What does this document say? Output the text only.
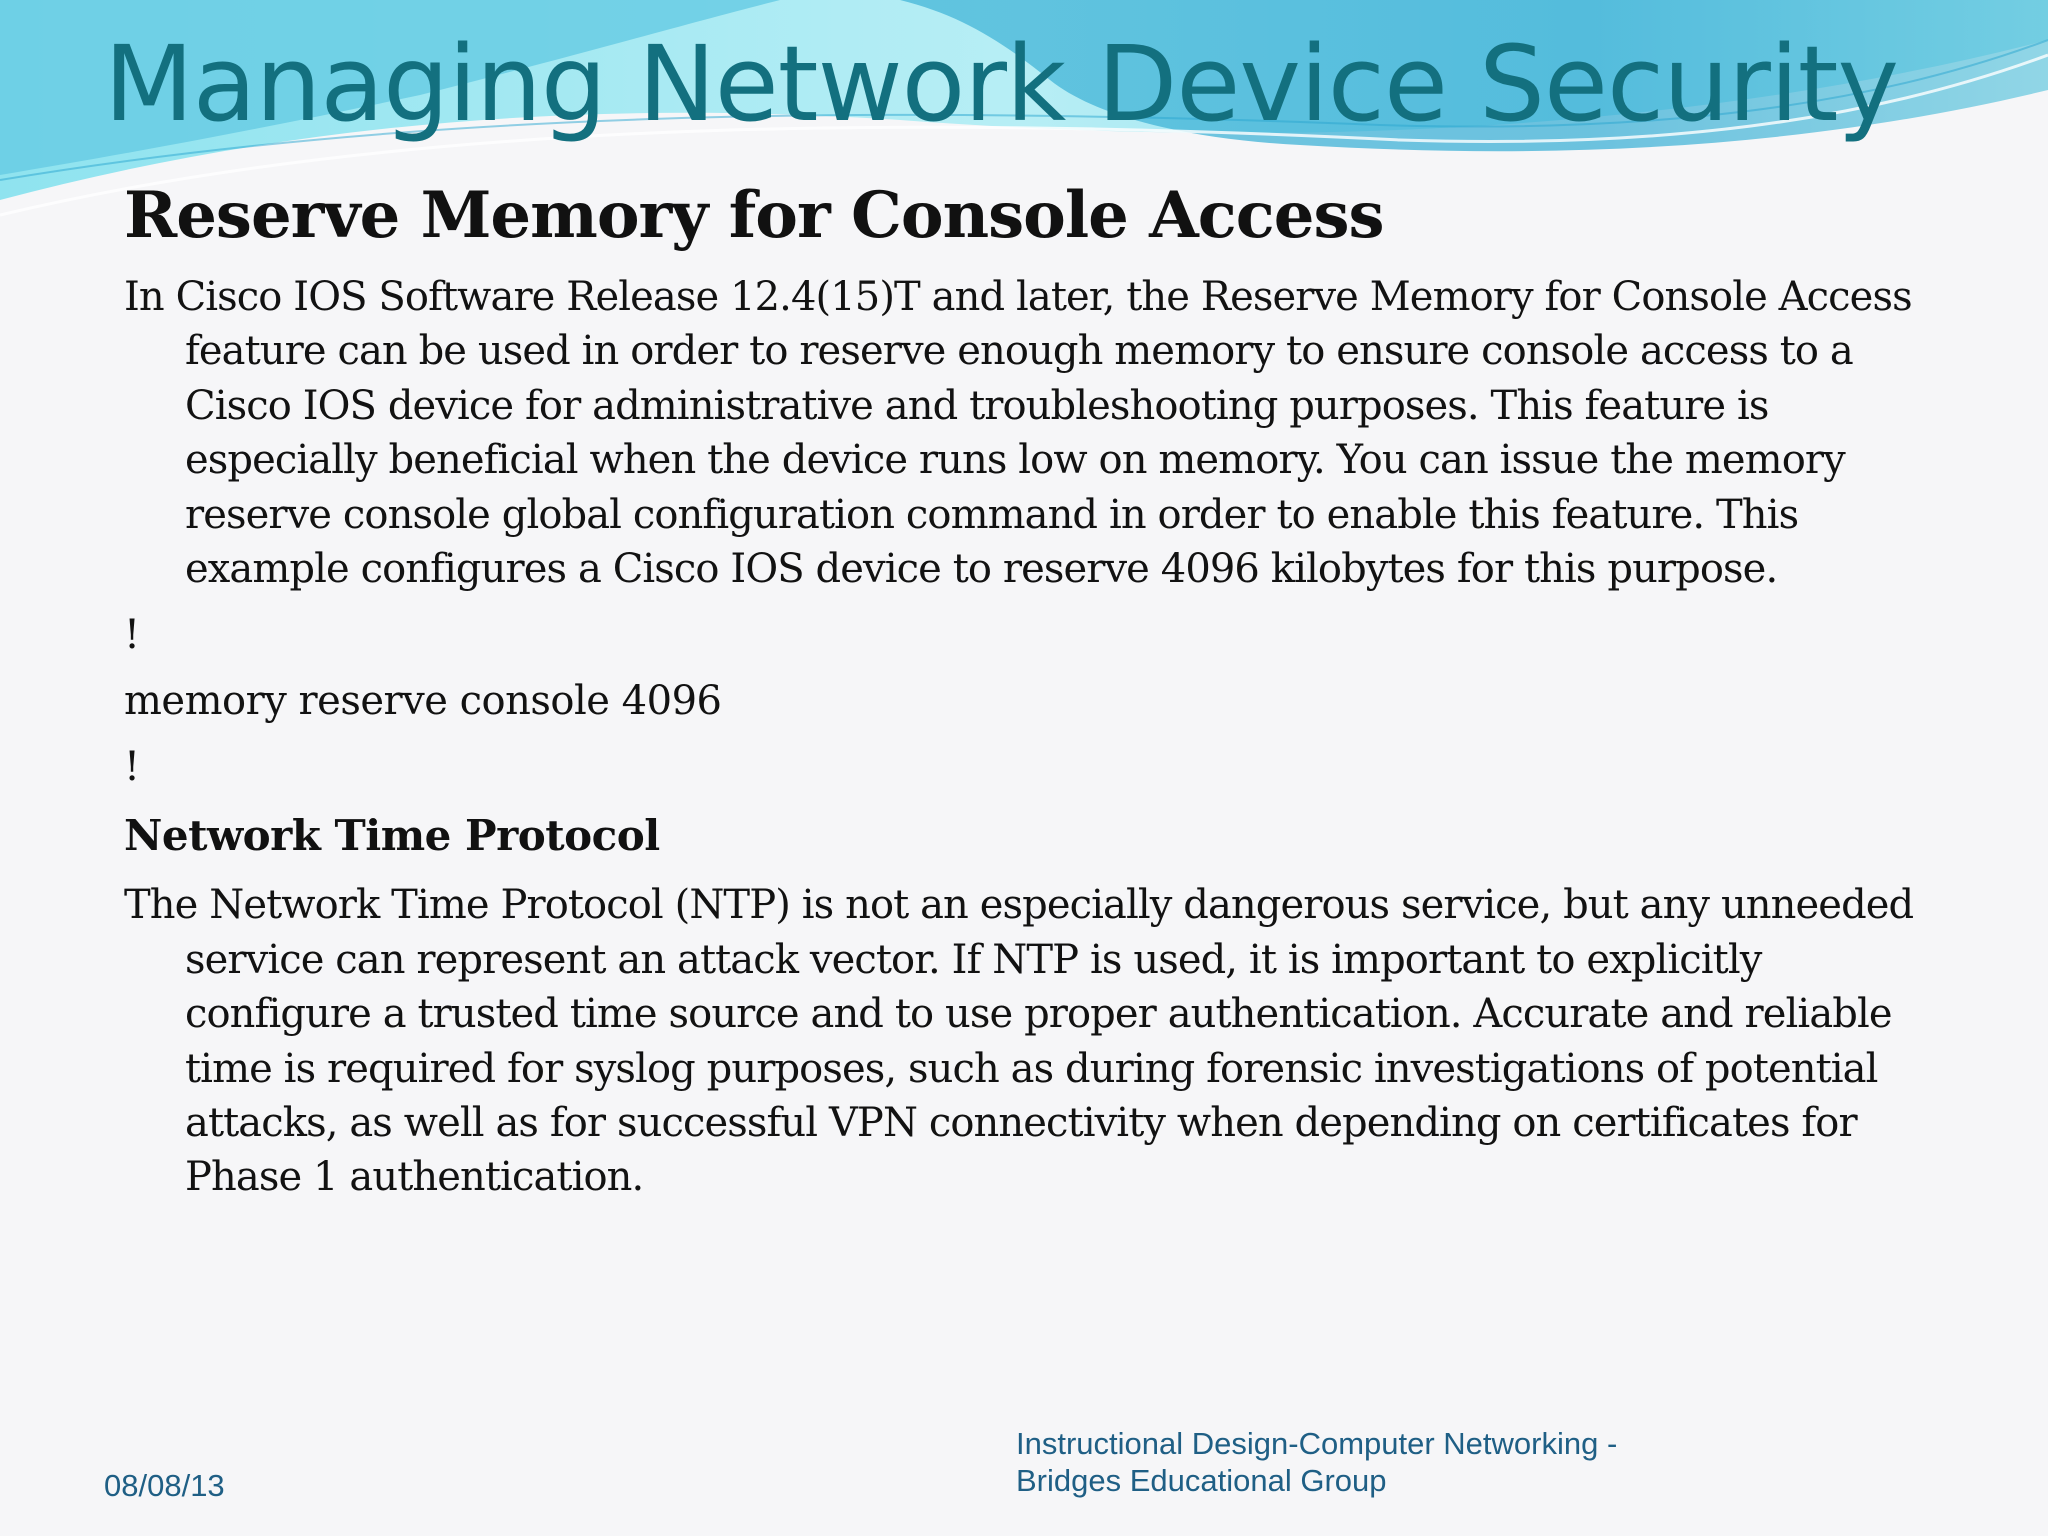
Managing Network Device Security
Reserve Memory for Console Access

In Cisco IOS Software Release 12.4(15)T and later, the Reserve Memory for Console Access feature can be used in order to reserve enough memory to ensure console access to a Cisco IOS device for administrative and troubleshooting purposes. This feature is especially beneficial when the device runs low on memory. You can issue the memory reserve console global configuration command in order to enable this feature. This example configures a Cisco IOS device to reserve 4096 kilobytes for this purpose.

!

memory reserve console 4096

!

Network Time Protocol

The Network Time Protocol (NTP) is not an especially dangerous service, but any unneeded service can represent an attack vector. If NTP is used, it is important to explicitly configure a trusted time source and to use proper authentication. Accurate and reliable time is required for syslog purposes, such as during forensic investigations of potential attacks, as well as for successful VPN connectivity when depending on certificates for Phase 1 authentication.

08/08/13
Instructional Design-Computer Networking -
Bridges Educational Group
